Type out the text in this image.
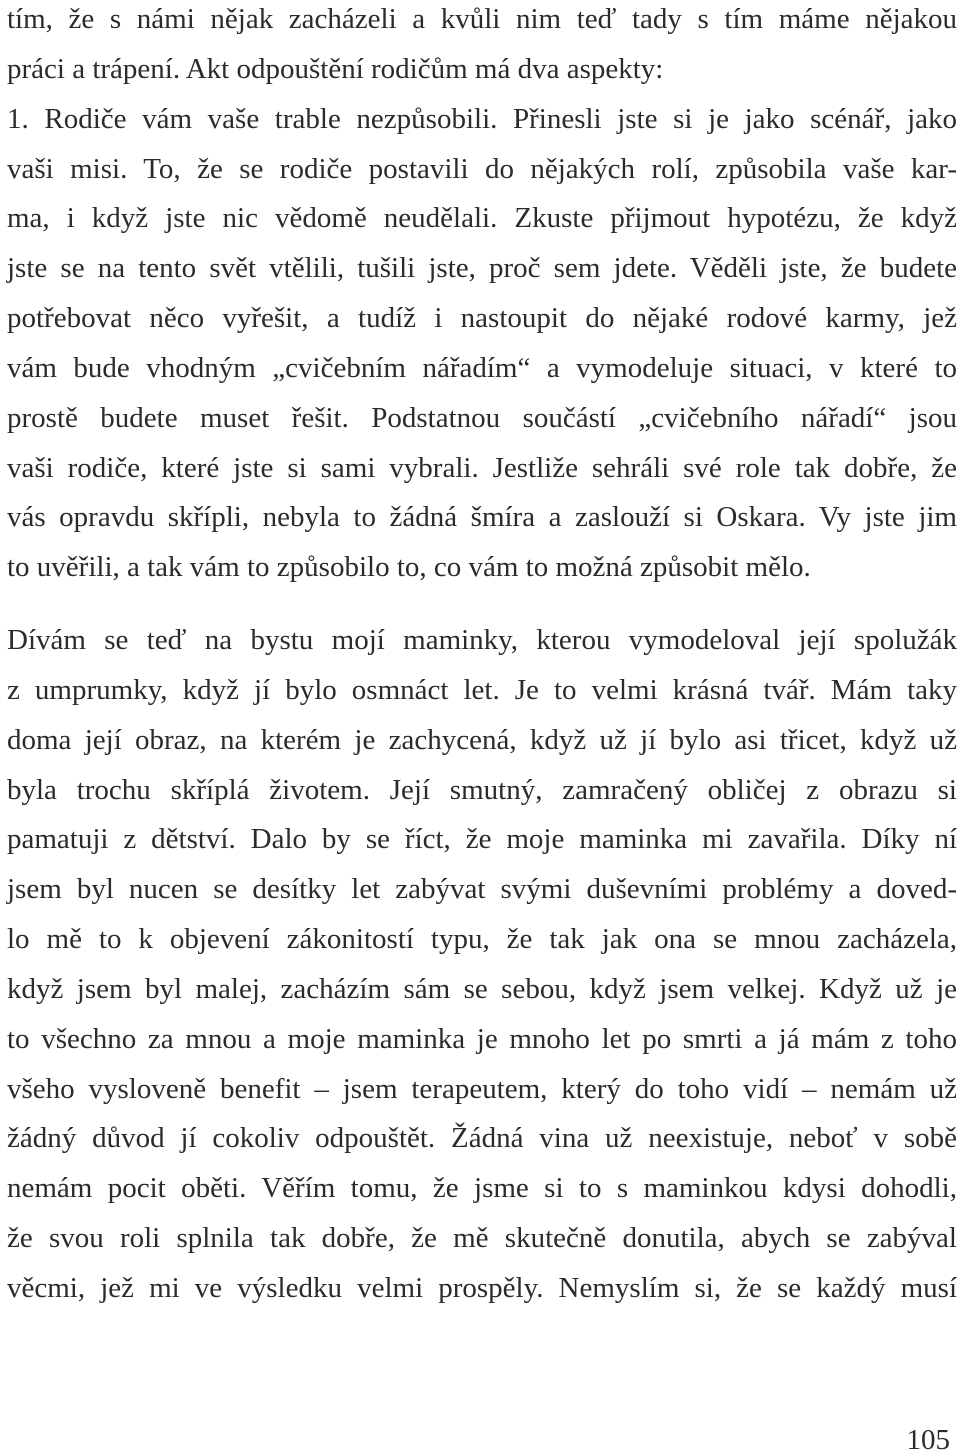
tím, že s námi nějak zacházeli a kvůli nim teď tady s tím máme nějakou
práci a trápení. Akt odpouštění rodičům má dva aspekty:
1. Rodiče vám vaše trable nezpůsobili. Přinesli jste si je jako scénář, jako
vaši misi. To, že se rodiče postavili do nějakých rolí, způsobila vaše kar-
ma, i když jste nic vědomě neudělali. Zkuste přijmout hypotézu, že když
jste se na tento svět vtělili, tušili jste, proč sem jdete. Věděli jste, že budete
potřebovat něco vyřešit, a tudíž i nastoupit do nějaké rodové karmy, jež
vám bude vhodným „cvičebním nářadím“ a vymodeluje situaci, v které to
prostě budete muset řešit. Podstatnou součástí „cvičebního nářadí“ jsou
vaši rodiče, které jste si sami vybrali. Jestliže sehráli své role tak dobře, že
vás opravdu skřípli, nebyla to žádná šmíra a zaslouží si Oskara. Vy jste jim
to uvěřili, a tak vám to způsobilo to, co vám to možná způsobit mělo.
Dívám se teď na bystu mojí maminky, kterou vymodeloval její spolužák
z umprumky, když jí bylo osmnáct let. Je to velmi krásná tvář. Mám taky
doma její obraz, na kterém je zachycená, když už jí bylo asi třicet, když už
byla trochu skříplá životem. Její smutný, zamračený obličej z obrazu si
pamatuji z dětství. Dalo by se říct, že moje maminka mi zavařila. Díky ní
jsem byl nucen se desítky let zabývat svými duševními problémy a doved-
lo mě to k objevení zákonitostí typu, že tak jak ona se mnou zacházela,
když jsem byl malej, zacházím sám se sebou, když jsem velkej. Když už je
to všechno za mnou a moje maminka je mnoho let po smrti a já mám z toho
všeho vysloveně benefit – jsem terapeutem, který do toho vidí – nemám už
žádný důvod jí cokoliv odpouštět. Žádná vina už neexistuje, neboť v sobě
nemám pocit oběti. Věřím tomu, že jsme si to s maminkou kdysi dohodli,
že svou roli splnila tak dobře, že mě skutečně donutila, abych se zabýval
věcmi, jež mi ve výsledku velmi prospěly. Nemyslím si, že se každý musí
105
